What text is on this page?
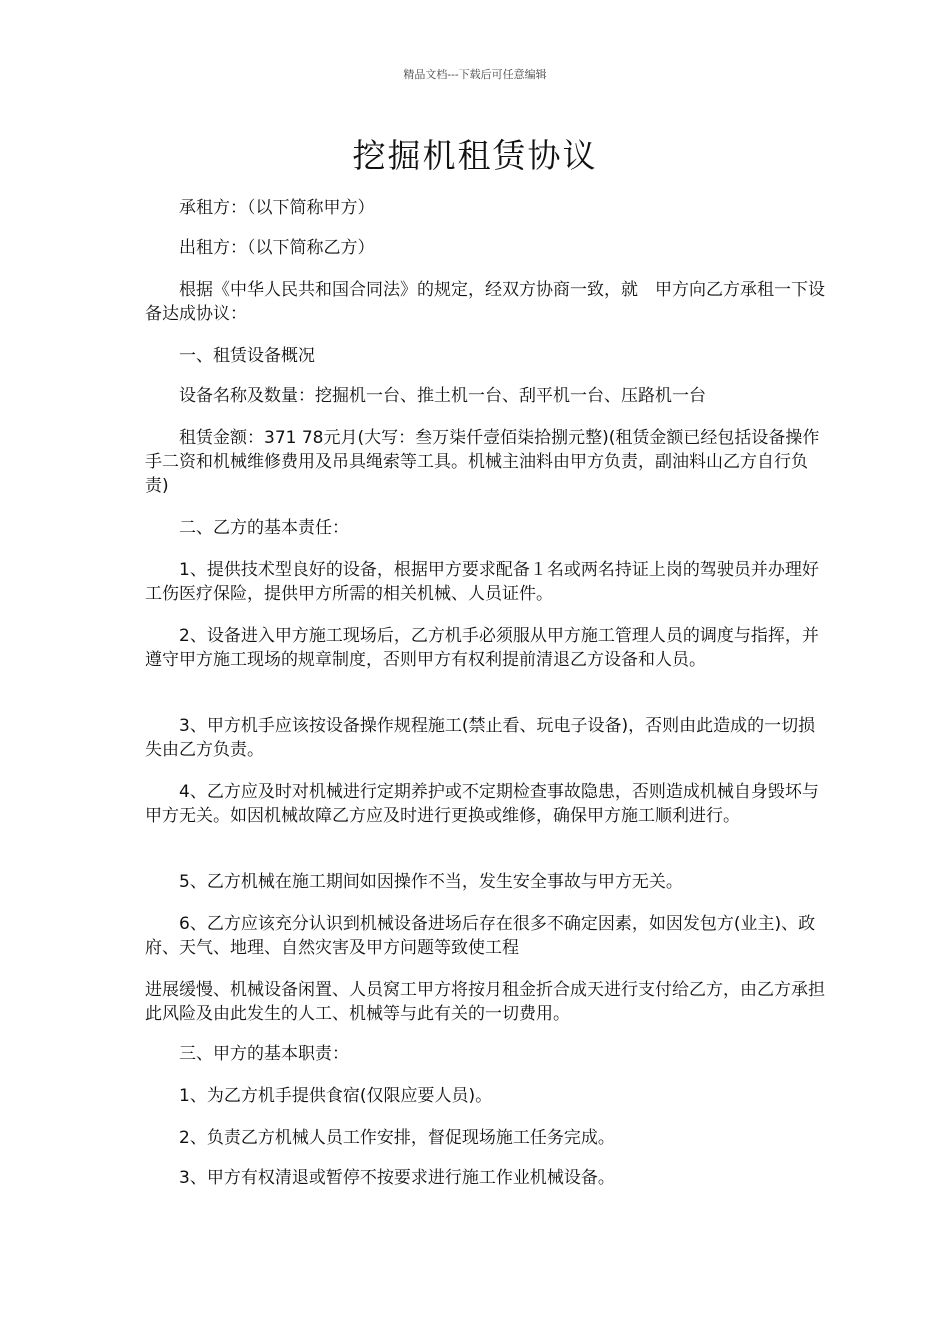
精品文档---下载后可任意编辑
挖掘机租赁协议

承租方：（以下简称甲方）

出租方：（以下简称乙方）

根据《中华人民共和国合同法》的规定，经双方协商一致，就　甲方向乙方承租一下设备达成协议：

一、租赁设备概况

设备名称及数量：挖掘机一台、推土机一台、刮平机一台、压路机一台

租赁金额：371 78元月(大写：叁万柒仟壹佰柒拾捌元整)(租赁金额已经包括设备操作手二资和机械维修费用及吊具绳索等工具。机械主油料由甲方负责，副油料山乙方自行负责)

二、乙方的基本责任：

1、提供技术型良好的设备，根据甲方要求配备１名或两名持证上岗的驾驶员并办理好工伤医疗保险，提供甲方所需的相关机械、人员证件。

2、设备进入甲方施工现场后，乙方机手必须服从甲方施工管理人员的调度与指挥，并遵守甲方施工现场的规章制度，否则甲方有权利提前清退乙方设备和人员。

3、甲方机手应该按设备操作规程施工(禁止看、玩电子设备)，否则由此造成的一切损失由乙方负责。

4、乙方应及时对机械进行定期养护或不定期检查事故隐患，否则造成机械自身毁坏与甲方无关。如因机械故障乙方应及时进行更换或维修，确保甲方施工顺利进行。

5、乙方机械在施工期间如因操作不当，发生安全事故与甲方无关。

6、乙方应该充分认识到机械设备进场后存在很多不确定因素，如因发包方(业主)、政府、天气、地理、自然灾害及甲方问题等致使工程

进展缓慢、机械设备闲置、人员窝工甲方将按月租金折合成天进行支付给乙方，由乙方承担此风险及由此发生的人工、机械等与此有关的一切费用。

三、甲方的基本职责：

1、为乙方机手提供食宿(仅限应要人员)。

2、负责乙方机械人员工作安排，督促现场施工任务完成。

3、甲方有权清退或暂停不按要求进行施工作业机械设备。
